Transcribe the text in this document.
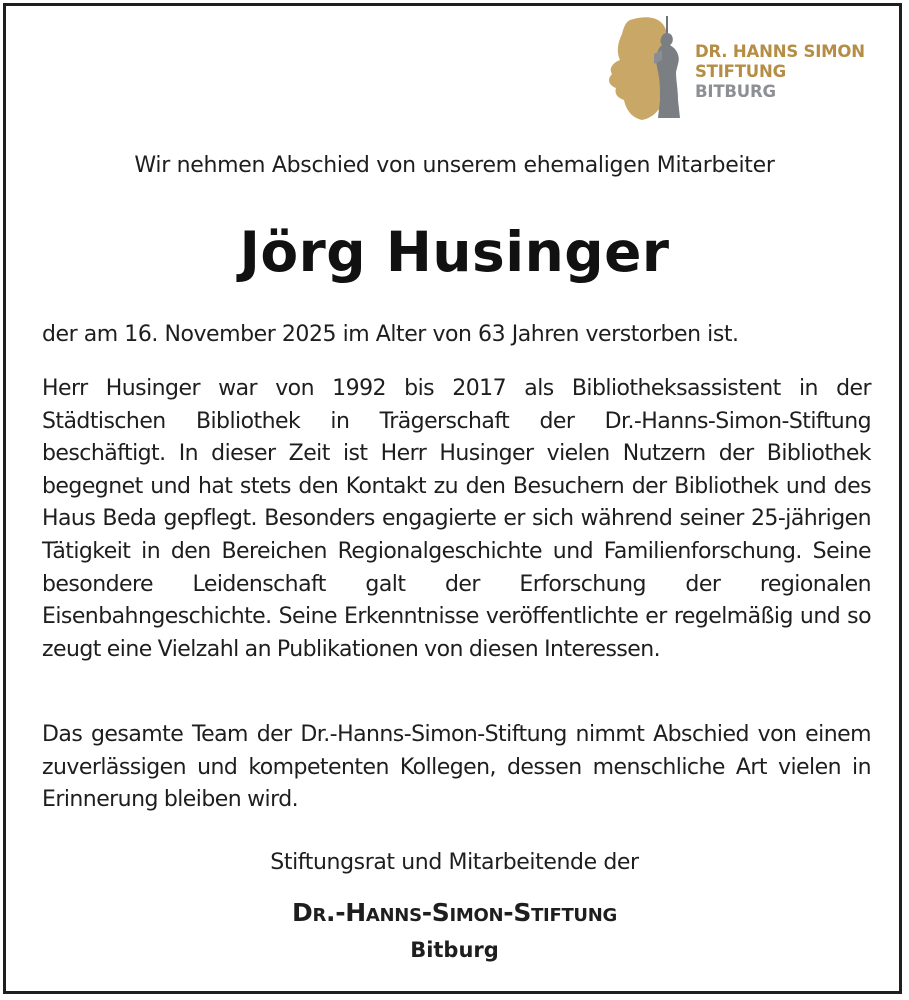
DR. HANNS SIMON
STIFTUNG
BITBURG
Wir nehmen Abschied von unserem ehemaligen Mitarbeiter
Jörg Husinger
der am 16. November 2025 im Alter von 63 Jahren verstorben ist.
Herr Husinger war von 1992 bis 2017 als Bibliotheksassistent in der Städtischen Bibliothek in Trägerschaft der Dr.-Hanns-Simon-Stiftung beschäftigt. In dieser Zeit ist Herr Husinger vielen Nutzern der Bibliothek begegnet und hat stets den Kontakt zu den Besuchern der Bibliothek und des Haus Beda gepflegt. Besonders engagierte er sich während seiner 25-jährigen Tätigkeit in den Bereichen Regionalgeschichte und Familienforschung. Seine besondere Leidenschaft galt der Erforschung der regionalen Eisenbahngeschichte. Seine Erkenntnisse veröffentlichte er regelmäßig und so zeugt eine Vielzahl an Publikationen von diesen Interessen.
Das gesamte Team der Dr.-Hanns-Simon-Stiftung nimmt Abschied von einem zuverlässigen und kompetenten Kollegen, dessen menschliche Art vielen in Erinnerung bleiben wird.
Stiftungsrat und Mitarbeitende der
Dr.-Hanns-Simon-Stiftung
Bitburg
